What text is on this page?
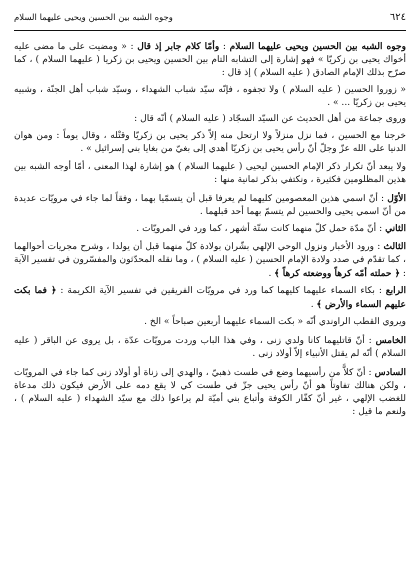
٦٢٤
وجوه الشبه بين الحسين ويحيى عليهما السلام

وجوه الشبه بين الحسين ويحيى عليهما السلام : وأمّا كلام جابر إذ قال : « ومضيت على ما مضى عليه أخواك يحيى بن زكريّا » فهو إشارة إلى التشابه التام بين الحسين ويحيى بن زكريا ( عليهما السلام ) ، كما صرّح بذلك الإمام الصادق ( عليه السلام ) إذ قال :

« زوروا الحسين ( عليه السلام ) ولا تجفوه ، فإنّه سيّد شباب الشهداء ، وسيّد شباب أهل الجنّة ، وشبيه يحيى بن زكريّا ... » .

وروى جماعة من أهل الحديث عن السيّد السجّاد ( عليه السلام ) أنّه قال :

خرجنا مع الحسين ، فما نزل منزلاً ولا ارتحل منه إلاّ ذكر يحيى بن زكريّا وقتْله ، وقال يوماً : ومن هوان الدنيا على الله عزّ وجلّ أنّ رأس يحيى بن زكريّا أهدي إلى بغيّ من بغايا بني إسرائيل » .

ولا يبعد أنّ تكرار ذكر الإمام الحسين ليحيى ( عليهما السلام ) هو إشارة لهذا المعنى ، أمّا أوجه الشبه بين هذين المظلومين فكثيرة ، ونكتفي بذكر ثمانية منها :

الأوّل : أنّ اسمي هذين المعصومين كليهما لم يعرفا قبل أن يتسمّيا بهما ، وفقاً لما جاء في مرويّات عديدة من أنّ اسمي يحيى والحسين لم يتسمّ بهما أحد قبلهما .

الثاني : أنّ مدّة حمل كلّ منهما كانت ستّة أشهر ، كما ورد في المرويّات .

الثالث : ورود الأخبار ونزول الوحي الإلهي بشّران بولادة كلّ منهما قبل أن يولدا ، وشرح مجريات أحوالهما ، كما تقدّم في صدد ولادة الإمام الحسين ( عليه السلام ) ، وما نقله المحدّثون والمفسّرون في تفسير الآية : ﴿ حملته أمّه كرهاً ووضعته كرهاً ﴾ .

الرابع : بكاء السماء عليهما كليهما كما ورد في مرويّات الفريقين في تفسير الآية الكريمة : ﴿ فما بكت عليهم السماء والأرض ﴾ .

ويروي القطب الراوندي أنّه « بكت السماء عليهما أربعين صباحاً » الخ .

الخامس : أنّ قاتليهما كانا ولدي زنى ، وفي هذا الباب وردت مرويّات عدّة ، بل يروى عن الباقر ( عليه السلام ) أنّه لم يقتل الأنبياء إلاّ أولاد زنى .

السادس : أنّ كلاًّ من رأسيهما وضع في طست ذهبيّ ، والهدي إلى زناة أو أولاد زنى كما جاء في المرويّات ، ولكن هنالك تفاوتاً هو أنّ رأس يحيى جزّ في طست كي لا يقع دمه على الأرض فيكون ذلك مدعاة للغضب الإلهي ، غير أنّ كفّار الكوفة وأتباع بني أميّة لم يراعوا ذلك مع سيّد الشهداء ( عليه السلام ) ، ولنعم ما قيل :
